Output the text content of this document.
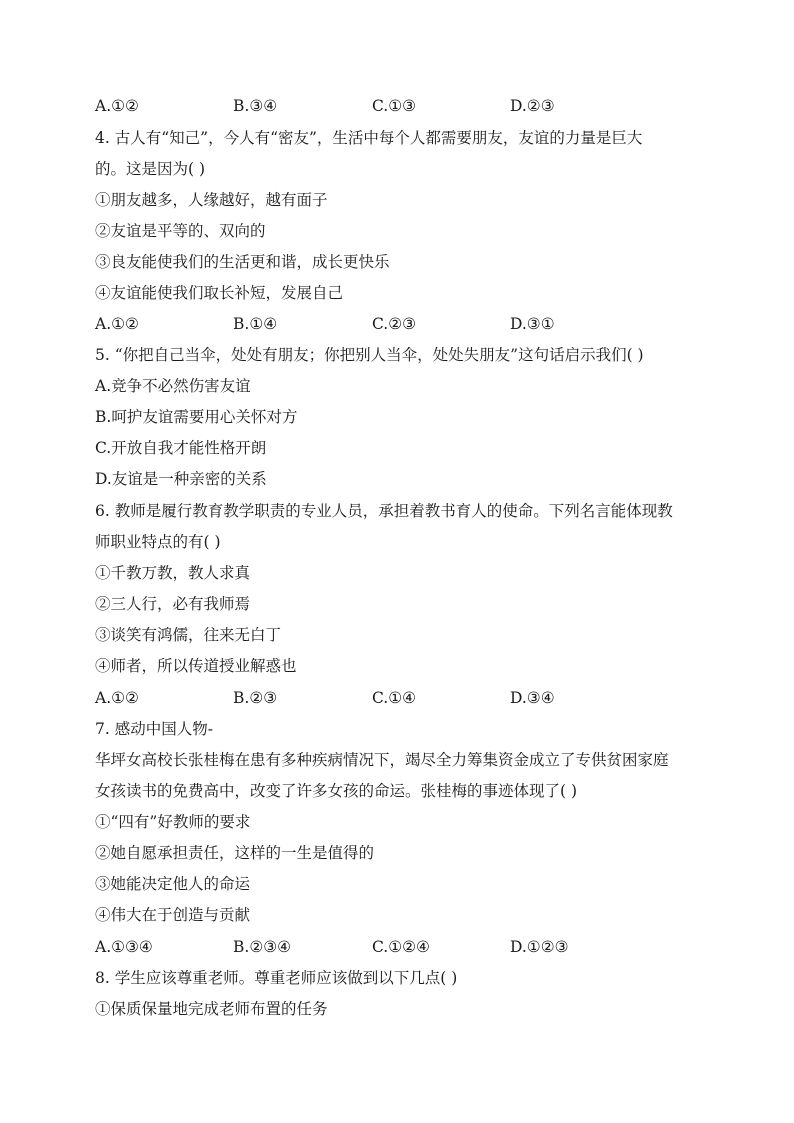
A.①②	B.③④	C.①③	D.②③
4. 古人有“知己”，今人有“密友”，生活中每个人都需要朋友，友谊的力量是巨大
的。这是因为( )
①朋友越多，人缘越好，越有面子
②友谊是平等的、双向的
③良友能使我们的生活更和谐，成长更快乐
④友谊能使我们取长补短，发展自己
A.①②	B.①④	C.②③	D.③①
5. “你把自己当伞，处处有朋友；你把别人当伞，处处失朋友”这句话启示我们( )
A.竞争不必然伤害友谊
B.呵护友谊需要用心关怀对方
C.开放自我才能性格开朗
D.友谊是一种亲密的关系
6. 教师是履行教育教学职责的专业人员，承担着教书育人的使命。下列名言能体现教
师职业特点的有( )
①千教万教，教人求真
②三人行，必有我师焉
③谈笑有鸿儒，往来无白丁
④师者，所以传道授业解惑也
A.①②	B.②③	C.①④	D.③④
7. 感动中国人物-
华坪女高校长张桂梅在患有多种疾病情况下，竭尽全力筹集资金成立了专供贫困家庭
女孩读书的免费高中，改变了许多女孩的命运。张桂梅的事迹体现了( )
①“四有”好教师的要求
②她自愿承担责任，这样的一生是值得的
③她能决定他人的命运
④伟大在于创造与贡献
A.①③④	B.②③④	C.①②④	D.①②③
8. 学生应该尊重老师。尊重老师应该做到以下几点( )
①保质保量地完成老师布置的任务
